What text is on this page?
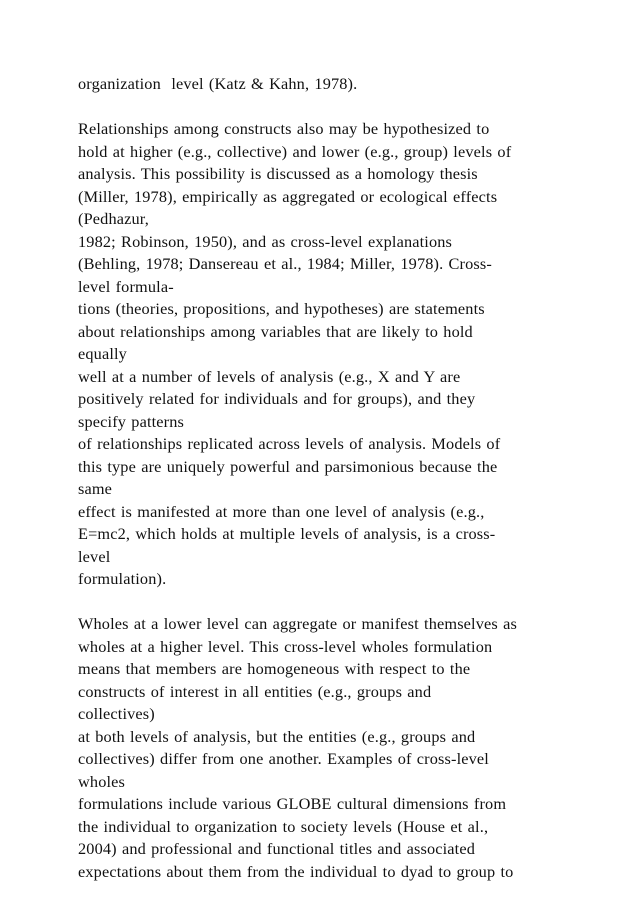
organization  level (Katz & Kahn, 1978).
Relationships among constructs also may be hypothesized to
hold at higher (e.g., collective) and lower (e.g., group) levels of
analysis. This possibility is discussed as a homology thesis
(Miller, 1978), empirically as aggregated or ecological effects
(Pedhazur,
1982; Robinson, 1950), and as cross-level explanations
(Behling, 1978; Dansereau et al., 1984; Miller, 1978). Cross-
level formula-
tions (theories, propositions, and hypotheses) are statements
about relationships among variables that are likely to hold
equally
well at a number of levels of analysis (e.g., X and Y are
positively related for individuals and for groups), and they
specify patterns
of relationships replicated across levels of analysis. Models of
this type are uniquely powerful and parsimonious because the
same
effect is manifested at more than one level of analysis (e.g.,
E=mc2, which holds at multiple levels of analysis, is a cross-
level
formulation).
Wholes at a lower level can aggregate or manifest themselves as
wholes at a higher level. This cross-level wholes formulation
means that members are homogeneous with respect to the
constructs of interest in all entities (e.g., groups and
collectives)
at both levels of analysis, but the entities (e.g., groups and
collectives) differ from one another. Examples of cross-level
wholes
formulations include various GLOBE cultural dimensions from
the individual to organization to society levels (House et al.,
2004) and professional and functional titles and associated
expectations about them from the individual to dyad to group to
